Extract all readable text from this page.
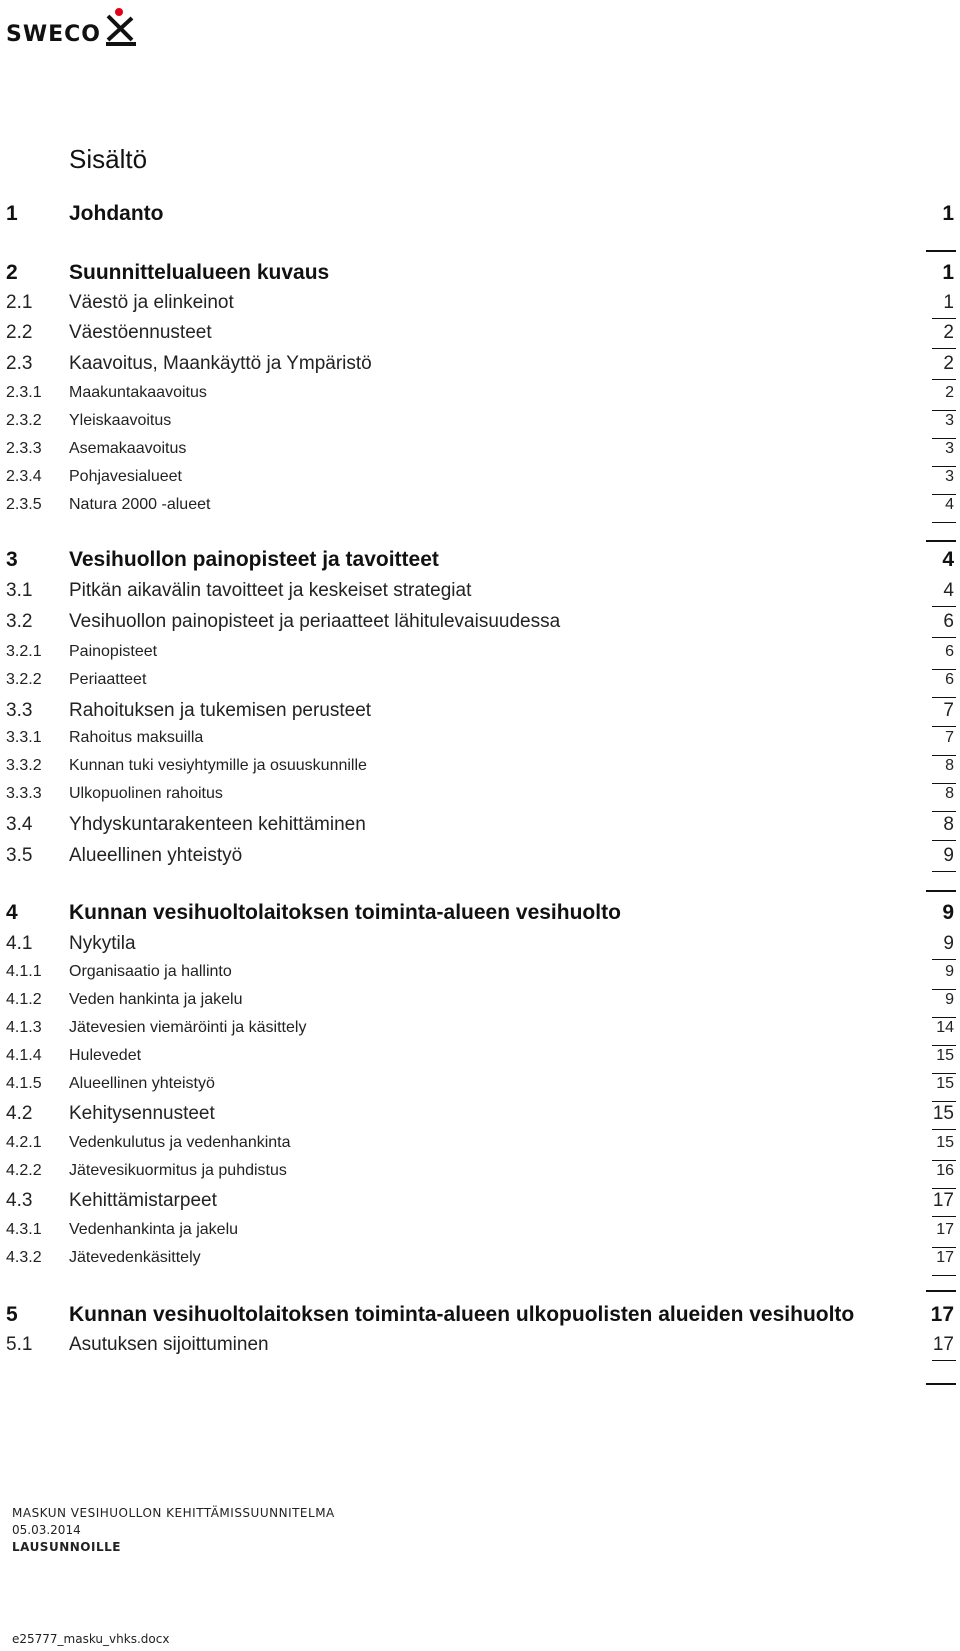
SWECO
Sisältö
1 Johdanto	1
2 Suunnittelualueen kuvaus	1
2.1 Väestö ja elinkeinot	1
2.2 Väestöennusteet	2
2.3 Kaavoitus, Maankäyttö ja Ympäristö	2
2.3.1 Maakuntakaavoitus	2
2.3.2 Yleiskaavoitus	3
2.3.3 Asemakaavoitus	3
2.3.4 Pohjavesialueet	3
2.3.5 Natura 2000 -alueet	4
3 Vesihuollon painopisteet ja tavoitteet	4
3.1 Pitkän aikavälin tavoitteet ja keskeiset strategiat	4
3.2 Vesihuollon painopisteet ja periaatteet lähitulevaisuudessa	6
3.2.1 Painopisteet	6
3.2.2 Periaatteet	6
3.3 Rahoituksen ja tukemisen perusteet	7
3.3.1 Rahoitus maksuilla	7
3.3.2 Kunnan tuki vesiyhtymille ja osuuskunnille	8
3.3.3 Ulkopuolinen rahoitus	8
3.4 Yhdyskuntarakenteen kehittäminen	8
3.5 Alueellinen yhteistyö	9
4 Kunnan vesihuoltolaitoksen toiminta-alueen vesihuolto	9
4.1 Nykytila	9
4.1.1 Organisaatio ja hallinto	9
4.1.2 Veden hankinta ja jakelu	9
4.1.3 Jätevesien viemäröinti ja käsittely	14
4.1.4 Hulevedet	15
4.1.5 Alueellinen yhteistyö	15
4.2 Kehitysennusteet	15
4.2.1 Vedenkulutus ja vedenhankinta	15
4.2.2 Jätevesikuormitus ja puhdistus	16
4.3 Kehittämistarpeet	17
4.3.1 Vedenhankinta ja jakelu	17
4.3.2 Jätevedenkäsittely	17
5 Kunnan vesihuoltolaitoksen toiminta-alueen ulkopuolisten alueiden vesihuolto	17
5.1 Asutuksen sijoittuminen	17
MASKUN VESIHUOLLON KEHITTÄMISSUUNNITELMA
05.03.2014
LAUSUNNOILLE
e25777_masku_vhks.docx
